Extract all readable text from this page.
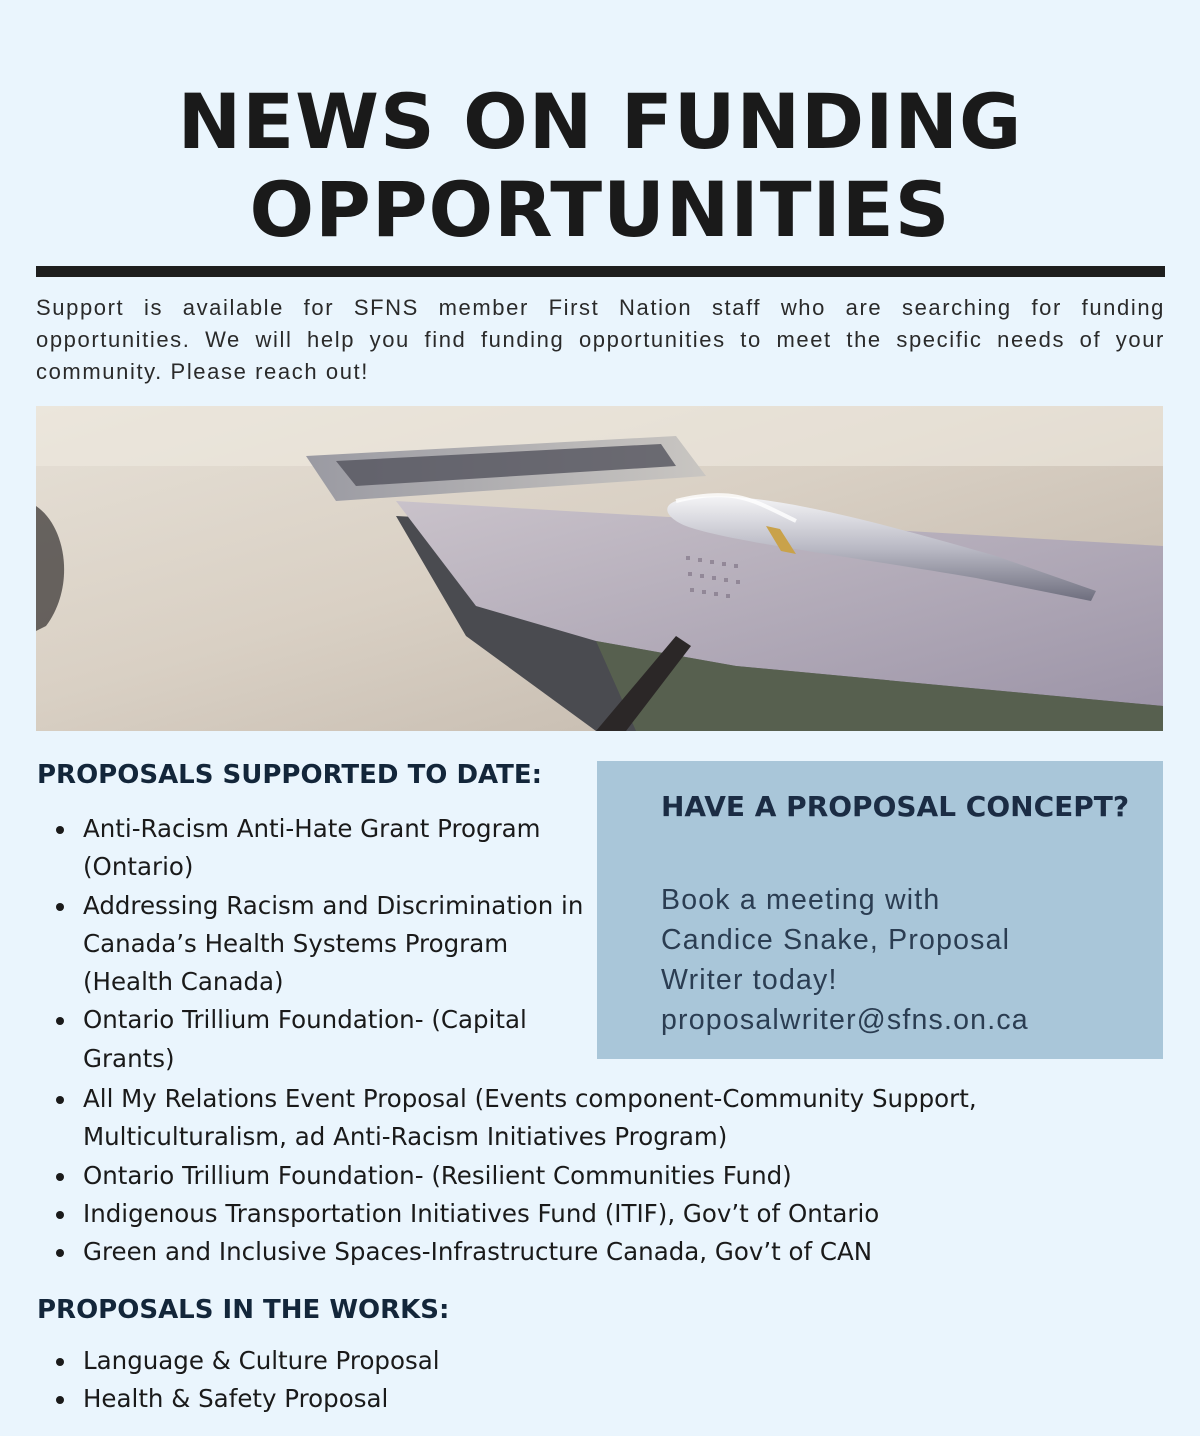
NEWS ON FUNDING
OPPORTUNITIES

Support is available for SFNS member First Nation staff who are searching for funding opportunities. We will help you find funding opportunities to meet the specific needs of your community. Please reach out!

PROPOSALS SUPPORTED TO DATE:
Anti-Racism Anti-Hate Grant Program (Ontario)
Addressing Racism and Discrimination in Canada’s Health Systems Program (Health Canada)
Ontario Trillium Foundation- (Capital Grants)
HAVE A PROPOSAL CONCEPT?

Book a meeting with
Candice Snake, Proposal
Writer today!
proposalwriter@sfns.on.ca

All My Relations Event Proposal (Events component-Community Support, Multiculturalism, ad Anti-Racism Initiatives Program)
Ontario Trillium Foundation- (Resilient Communities Fund)
Indigenous Transportation Initiatives Fund (ITIF), Gov’t of Ontario
Green and Inclusive Spaces-Infrastructure Canada, Gov’t of CAN
PROPOSALS IN THE WORKS:
Language & Culture Proposal
Health & Safety Proposal
